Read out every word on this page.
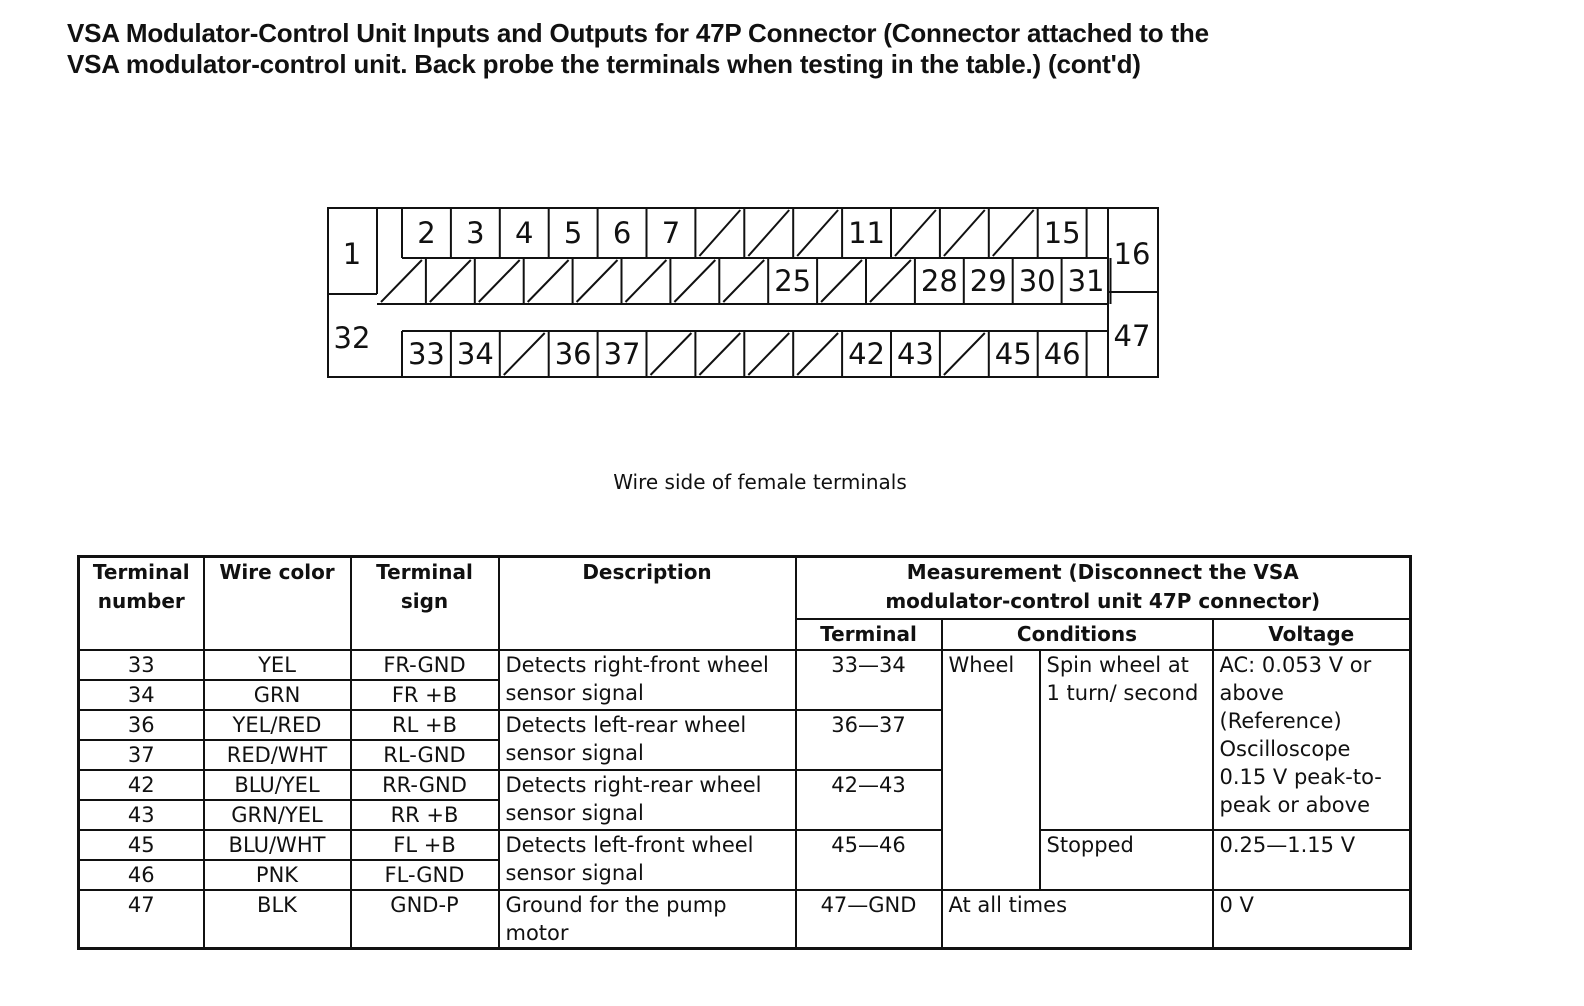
VSA Modulator-Control Unit Inputs and Outputs for 47P Connector (Connector attached to the
VSA modulator-control unit. Back probe the terminals when testing in the table.) (cont'd)
2 3 4 5 6 7	11	15
25	28 29 30 31
33 34 36 37	42 43 45 46
1
32
16
47
Wire side of female terminals
Terminal number	Wire color	Terminal sign	Description	Measurement (Disconnect the VSA modulator-control unit 47P connector)			
				Terminal	Conditions		Voltage
33	YEL	FR-GND	Detects right-front wheel sensor signal	33—34	Wheel	Spin wheel at 1 turn/ second	AC: 0.053 V or above (Reference) Oscilloscope 0.15 V peak-to-peak or above
34	GRN	FR +B					
36	YEL/RED	RL +B	Detects left-rear wheel sensor signal	36—37			
37	RED/WHT	RL-GND					
42	BLU/YEL	RR-GND	Detects right-rear wheel sensor signal	42—43			
43	GRN/YEL	RR +B					
45	BLU/WHT	FL +B	Detects left-front wheel sensor signal	45—46		Stopped	0.25—1.15 V
46	PNK	FL-GND					
47	BLK	GND-P	Ground for the pump motor	47—GND	At all times		0 V
